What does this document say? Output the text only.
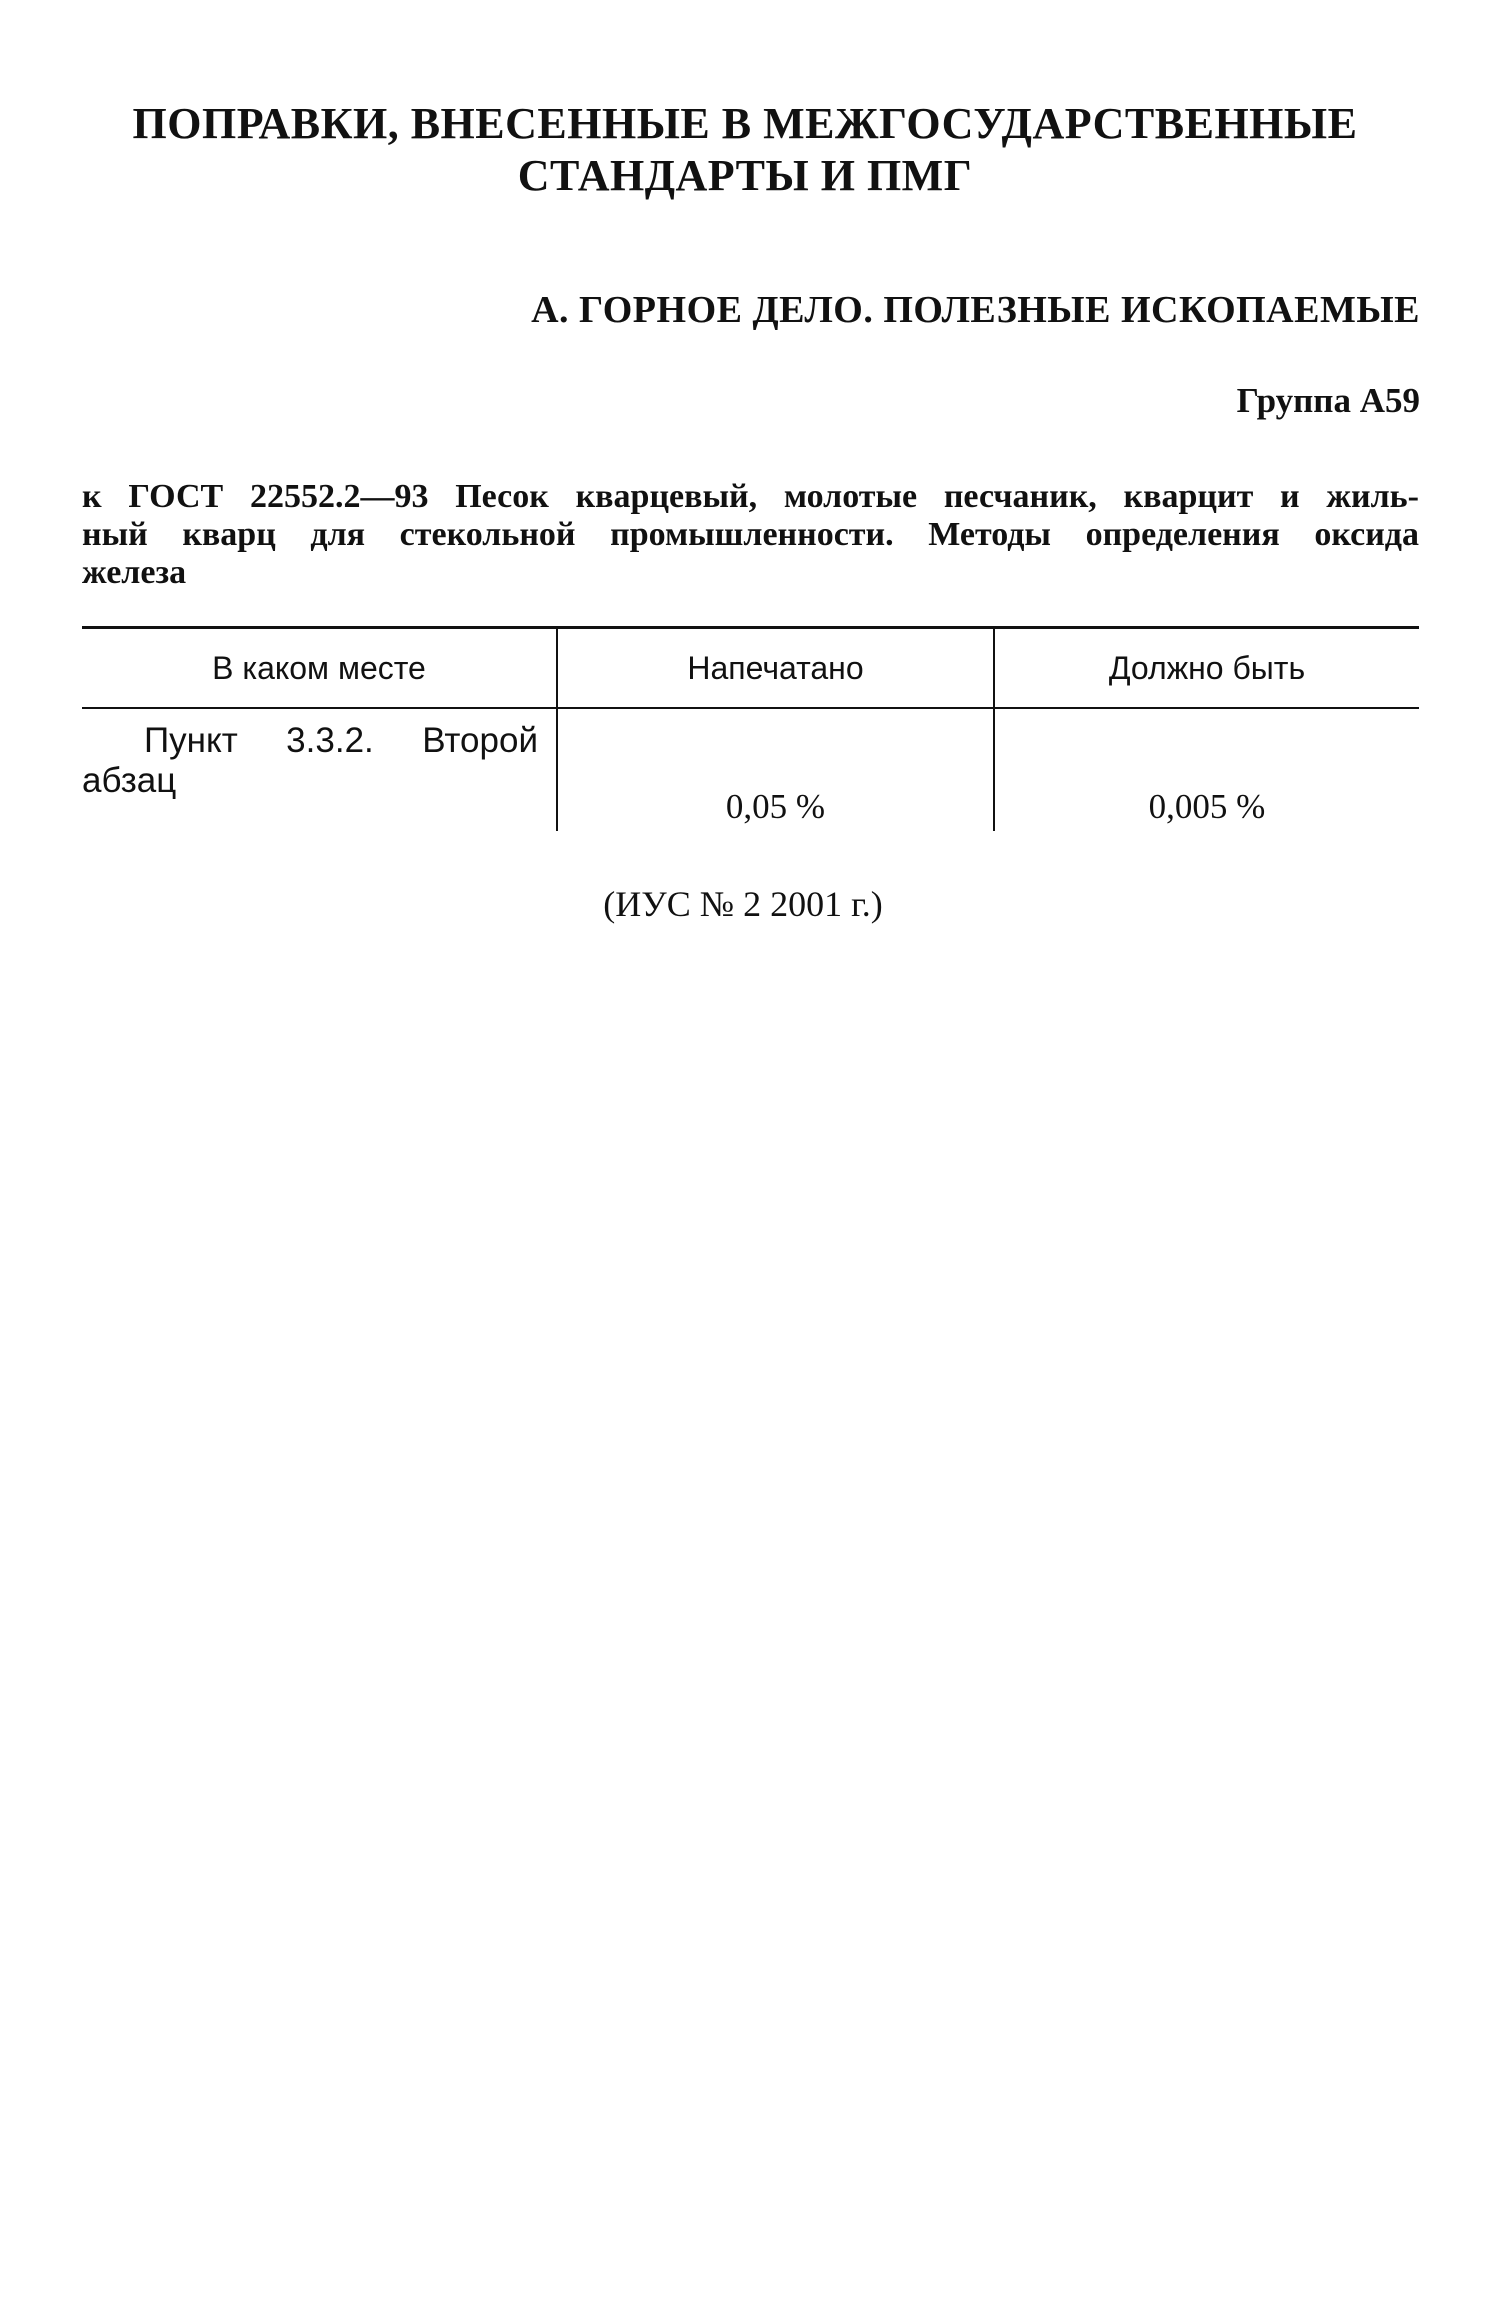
ПОПРАВКИ, ВНЕСЕННЫЕ В МЕЖГОСУДАРСТВЕННЫЕ
СТАНДАРТЫ И ПМГ
А. ГОРНОЕ ДЕЛО. ПОЛЕЗНЫЕ ИСКОПАЕМЫЕ
Группа А59
к ГОСТ 22552.2—93 Песок кварцевый, молотые песчаник, кварцит и жиль-
ный кварц для стекольной промышленности. Методы определения оксида
железа
В каком месте	Напечатано	Должно быть

Пункт 3.3.2. Второй
абзац	0,05 %	0,005 %
(ИУС № 2 2001 г.)
